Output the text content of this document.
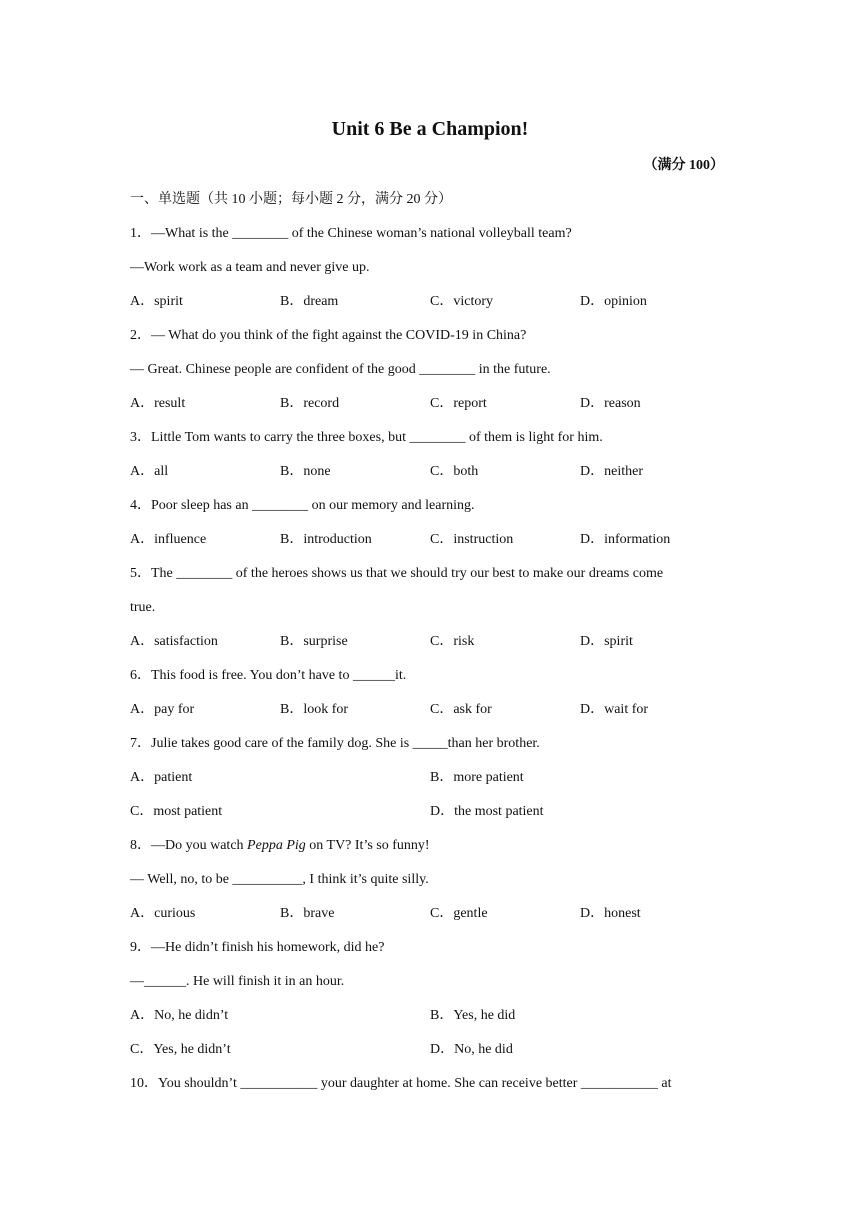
Unit 6 Be a Champion!
（满分 100）
一、单选题（共 10 小题；每小题 2 分，满分 20 分）
1．—What is the ________ of the Chinese woman’s national volleyball team?
—Work work as a team and never give up.
A．spirit	B．dream	C．victory	D．opinion
2．— What do you think of the fight against the COVID-19 in China?
— Great. Chinese people are confident of the good ________ in the future.
A．result	B．record	C．report	D．reason
3．Little Tom wants to carry the three boxes, but ________ of them is light for him.
A．all	B．none	C．both	D．neither
4．Poor sleep has an ________ on our memory and learning.
A．influence	B．introduction	C．instruction	D．information
5．The ________ of the heroes shows us that we should try our best to make our dreams come
true.
A．satisfaction	B．surprise	C．risk	D．spirit
6．This food is free. You don’t have to ______it.
A．pay for	B．look for	C．ask for	D．wait for
7．Julie takes good care of the family dog. She is _____than her brother.
A．patient	B．more patient
C．most patient	D．the most patient
8．—Do you watch Peppa Pig on TV? It’s so funny!
— Well, no, to be __________, I think it’s quite silly.
A．curious	B．brave	C．gentle	D．honest
9．—He didn’t finish his homework, did he?
—______. He will finish it in an hour.
A．No, he didn’t	B．Yes, he did
C．Yes, he didn’t	D．No, he did
10．You shouldn’t ___________ your daughter at home. She can receive better ___________ at
